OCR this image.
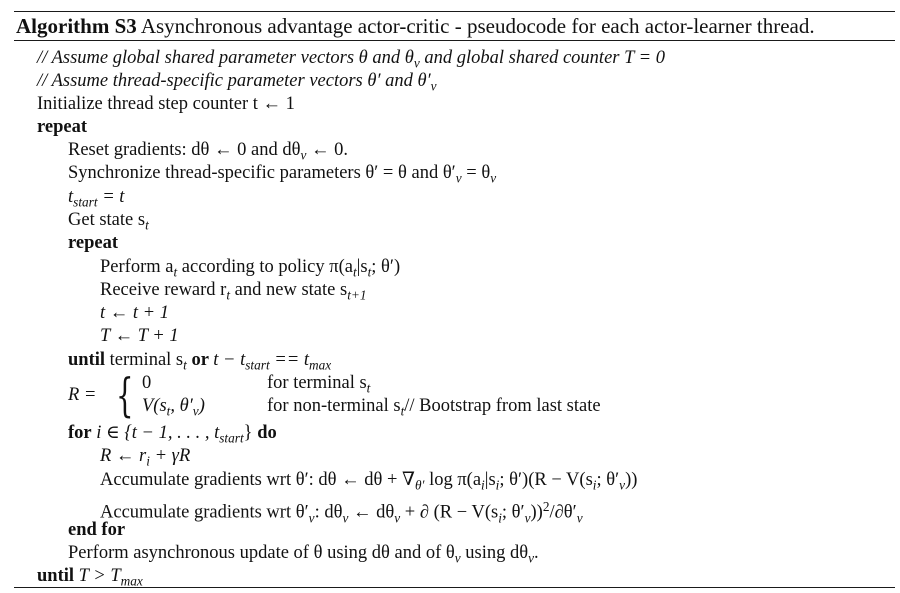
Algorithm S3 Asynchronous advantage actor-critic - pseudocode for each actor-learner thread.
// Assume global shared parameter vectors θ and $\theta_v$ and global shared counter T = 0
// Assume thread-specific parameter vectors θ′ and $\theta'_v$
Initialize thread step counter t ← 1
repeat
Reset gradients: dθ ← 0 and $d\theta_v$ ← 0.
Synchronize thread-specific parameters θ′ = θ and $\theta'_v = \theta_v$
$t_{start} = t$
Get state $s_t$
repeat
Perform $a_t$ according to policy $\pi(a_t|s_t$; θ′)
Receive reward $r_t$ and new state $s_{t+1}$
t ← t + 1
T ← T + 1
until terminal $s_t$ or $t - t_{start} == t_{max}$
R = { 0	for terminal $s_t$
$V(s_t$, $\theta'_v$)	for non-terminal $s_t//$ Bootstrap from last state
for i ∈ {t − 1, . . . , $t_{start}$} do
R ← $r_i + \gamma R$
Accumulate gradients wrt θ′: dθ ← $d\theta + \nabla_{\theta'}$ $\log \pi(a_i|s_i$; $\theta')(R - V(s_i$; $\theta'_v$))
Accumulate gradients wrt $\theta'_v$: $d\theta_v$ ← $d\theta_v$ + ∂ ($R - V(s_i$; $\theta'_v))^2/\partial\theta'_v$
end for
Perform asynchronous update of θ using dθ and of $\theta_v$ using $d\theta_v$.
until $T > T_{max}$
